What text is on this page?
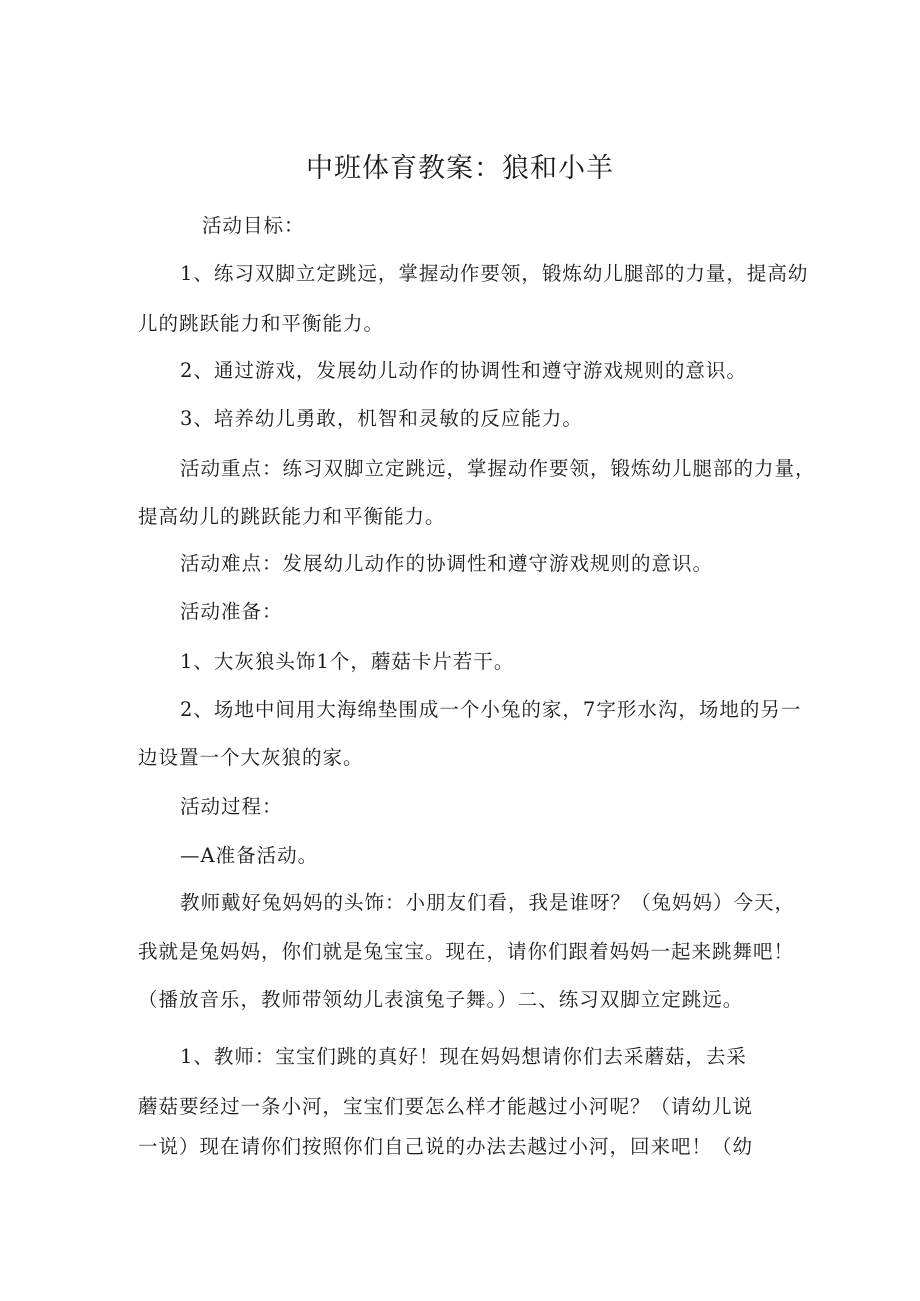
中班体育教案：狼和小羊

活动目标：

1、练习双脚立定跳远，掌握动作要领，锻炼幼儿腿部的力量，提高幼

儿的跳跃能力和平衡能力。

2、通过游戏，发展幼儿动作的协调性和遵守游戏规则的意识。

3、培养幼儿勇敢，机智和灵敏的反应能力。

活动重点：练习双脚立定跳远，掌握动作要领，锻炼幼儿腿部的力量，

提高幼儿的跳跃能力和平衡能力。

活动难点：发展幼儿动作的协调性和遵守游戏规则的意识。

活动准备：

1、大灰狼头饰1个，蘑菇卡片若干。

2、场地中间用大海绵垫围成一个小兔的家，7字形水沟，场地的另一

边设置一个大灰狼的家。

活动过程：

—A准备活动。

教师戴好兔妈妈的头饰：小朋友们看，我是谁呀？（兔妈妈）今天，

我就是兔妈妈，你们就是兔宝宝。现在，请你们跟着妈妈一起来跳舞吧！

（播放音乐，教师带领幼儿表演兔子舞。）二、练习双脚立定跳远。

1、教师：宝宝们跳的真好！现在妈妈想请你们去采蘑菇，去采

蘑菇要经过一条小河，宝宝们要怎么样才能越过小河呢？（请幼儿说

一说）现在请你们按照你们自己说的办法去越过小河，回来吧！（幼
